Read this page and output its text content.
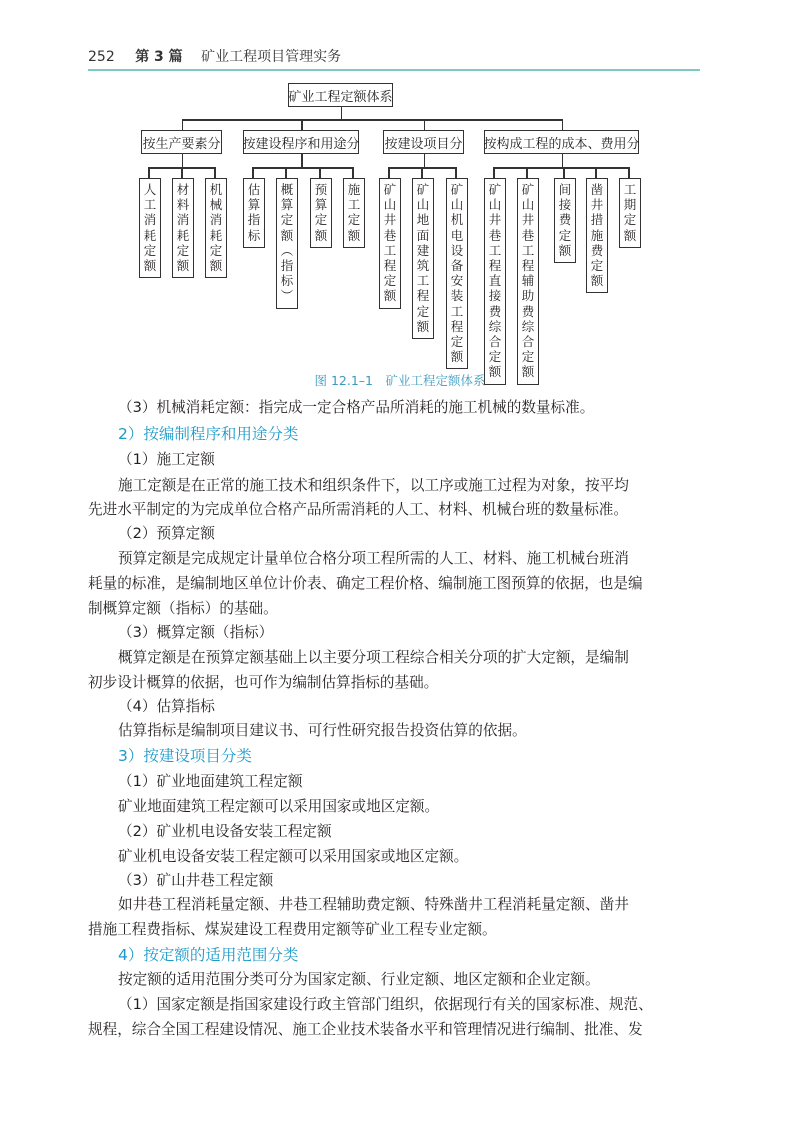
252 第 3 篇 矿业工程项目管理实务
矿业工程定额体系
按生产要素分
人
工
消
耗
定
额
材
料
消
耗
定
额
机
械
消
耗
定
额
按建设程序和用途分
估
算
指
标
概
算
定
额
︵
指
标
︶
预
算
定
额
施
工
定
额
按建设项目分
矿
山
井
巷
工
程
定
额
矿
山
地
面
建
筑
工
程
定
额
矿
山
机
电
设
备
安
装
工
程
定
额
按构成工程的成本、费用分
矿
山
井
巷
工
程
直
接
费
综
合
定
额
矿
山
井
巷
工
程
辅
助
费
综
合
定
额
间
接
费
定
额
凿
井
措
施
费
定
额
工
期
定
额
图 12.1–1　矿业工程定额体系
（3）机械消耗定额：指完成一定合格产品所消耗的施工机械的数量标准。
2）按编制程序和用途分类
（1）施工定额
施工定额是在正常的施工技术和组织条件下，以工序或施工过程为对象，按平均
先进水平制定的为完成单位合格产品所需消耗的人工、材料、机械台班的数量标准。
（2）预算定额
预算定额是完成规定计量单位合格分项工程所需的人工、材料、施工机械台班消
耗量的标准，是编制地区单位计价表、确定工程价格、编制施工图预算的依据，也是编
制概算定额（指标）的基础。
（3）概算定额（指标）
概算定额是在预算定额基础上以主要分项工程综合相关分项的扩大定额，是编制
初步设计概算的依据，也可作为编制估算指标的基础。
（4）估算指标
估算指标是编制项目建议书、可行性研究报告投资估算的依据。
3）按建设项目分类
（1）矿业地面建筑工程定额
矿业地面建筑工程定额可以采用国家或地区定额。
（2）矿业机电设备安装工程定额
矿业机电设备安装工程定额可以采用国家或地区定额。
（3）矿山井巷工程定额
如井巷工程消耗量定额、井巷工程辅助费定额、特殊凿井工程消耗量定额、凿井
措施工程费指标、煤炭建设工程费用定额等矿业工程专业定额。
4）按定额的适用范围分类
按定额的适用范围分类可分为国家定额、行业定额、地区定额和企业定额。
（1）国家定额是指国家建设行政主管部门组织，依据现行有关的国家标准、规范、
规程，综合全国工程建设情况、施工企业技术装备水平和管理情况进行编制、批准、发
